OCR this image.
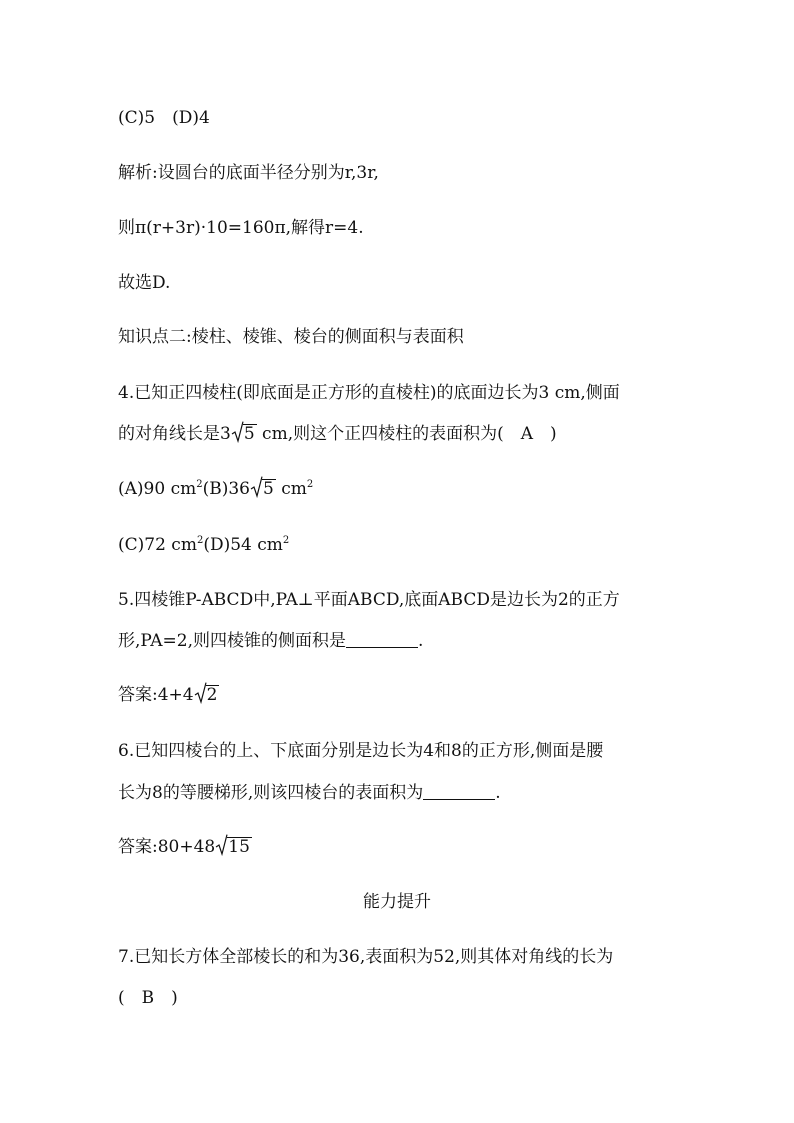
(C)5　(D)4
解析:设圆台的底面半径分别为r,3r,
则π(r+3r)·10=160π,解得r=4.
故选D.
知识点二:棱柱、棱锥、棱台的侧面积与表面积
4.已知正四棱柱(即底面是正方形的直棱柱)的底面边长为3 cm,侧面
的对角线长是3 5 cm,则这个正四棱柱的表面积为(　A　)
(A)90 $cm^2(B)36$ 5 $cm^2$
(C)72 $cm^2(D)54$ $cm^2$
5.四棱锥P-ABCD中,PA⊥平面ABCD,底面ABCD是边长为2的正方
形,PA=2,则四棱锥的侧面积是	.
答案:4+4 2
6.已知四棱台的上、下底面分别是边长为4和8的正方形,侧面是腰
长为8的等腰梯形,则该四棱台的表面积为	.
答案:80+48 15
能力提升
7.已知长方体全部棱长的和为36,表面积为52,则其体对角线的长为
(　B　)
